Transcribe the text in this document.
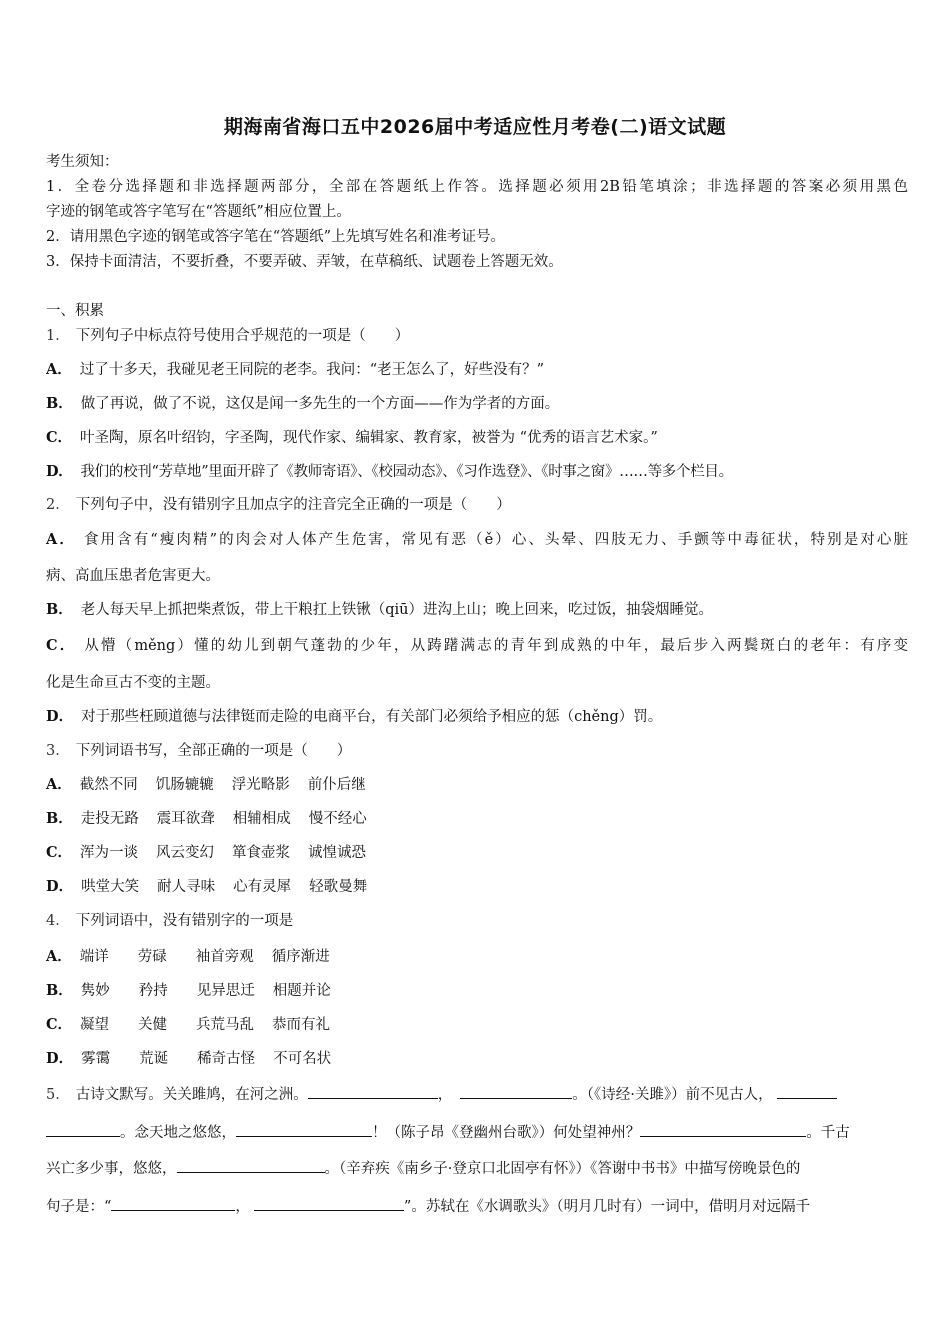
期海南省海口五中2026届中考适应性月考卷(二)语文试题
考生须知：
1．全卷分选择题和非选择题两部分，全部在答题纸上作答。选择题必须用2B铅笔填涂；非选择题的答案必须用黑色
字迹的钢笔或答字笔写在“答题纸”相应位置上。
2．请用黑色字迹的钢笔或答字笔在“答题纸”上先填写姓名和准考证号。
3．保持卡面清洁，不要折叠，不要弄破、弄皱，在草稿纸、试题卷上答题无效。
一、积累
1． 下列句子中标点符号使用合乎规范的一项是（　　）
A． 过了十多天，我碰见老王同院的老李。我问：“老王怎么了，好些没有？”
B． 做了再说，做了不说，这仅是闻一多先生的一个方面——作为学者的方面。
C． 叶圣陶，原名叶绍钧，字圣陶，现代作家、编辑家、教育家，被誉为 “优秀的语言艺术家。”
D． 我们的校刊“芳草地”里面开辟了《教师寄语》、《校园动态》、《习作选登》、《时事之窗》……等多个栏目。
2． 下列句子中，没有错别字且加点字的注音完全正确的一项是（　　）
A． 食用含有“瘦肉精”的肉会对人体产生危害，常见有恶（ě）心、头晕、四肢无力、手颤等中毒征状，特别是对心脏
病、高血压患者危害更大。
B． 老人每天早上抓把柴煮饭，带上干粮扛上铁锹（qiū）进沟上山；晚上回来，吃过饭，抽袋烟睡觉。
C． 从懵（měng）懂的幼儿到朝气蓬勃的少年，从踌躇满志的青年到成熟的中年，最后步入两鬓斑白的老年：有序变
化是生命亘古不变的主题。
D． 对于那些枉顾道德与法律铤而走险的电商平台，有关部门必须给予相应的惩（chěng）罚。
3． 下列词语书写，全部正确的一项是（　　）
A． 截然不同 饥肠辘辘 浮光略影 前仆后继
B． 走投无路 震耳欲聋 相辅相成 慢不经心
C． 浑为一谈 风云变幻 箪食壶浆 诚惶诚恐
D． 哄堂大笑 耐人寻味 心有灵犀 轻歌曼舞
4． 下列词语中，没有错别字的一项是
A． 端详 劳碌 袖首旁观 循序渐进
B． 隽妙 矜持 见异思迁 相题并论
C． 凝望 关健 兵荒马乱 恭而有礼
D． 雾霭 荒诞 稀奇古怪 不可名状
5． 古诗文默写。关关雎鸠，在河之洲。	，	。（《诗经·关雎》）前不见古人，
。念天地之悠悠，	！（陈子昂《登幽州台歌》）何处望神州？	。千古
兴亡多少事，悠悠，	。（辛弃疾《南乡子·登京口北固亭有怀》）《答谢中书书》中描写傍晚景色的
句子是：“	，	”。苏轼在《水调歌头》（明月几时有）一词中，借明月对远隔千
